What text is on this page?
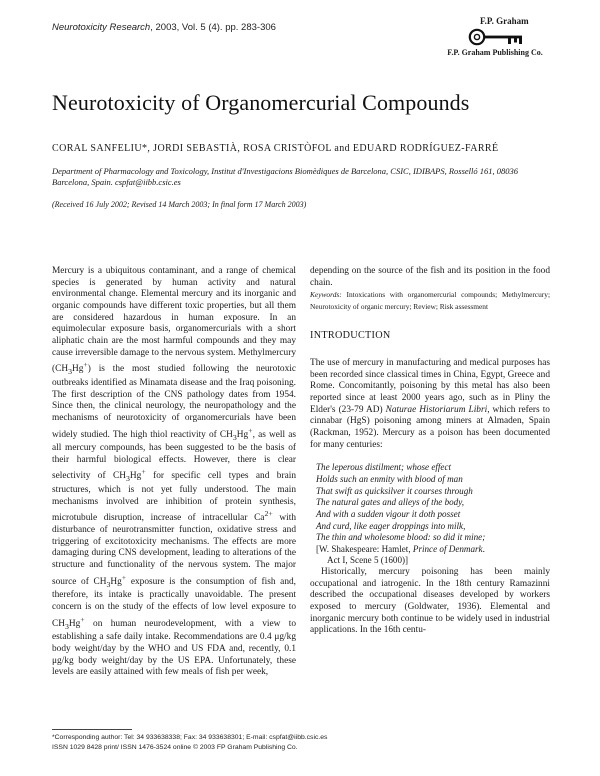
Neurotoxicity Research, 2003, Vol. 5 (4). pp. 283-306
F.P. Graham
F.P. Graham Publishing Co.
Neurotoxicity of Organomercurial Compounds
CORAL SANFELIU*, JORDI SEBASTIÀ, ROSA CRISTÒFOL and EDUARD RODRÍGUEZ-FARRÉ
Department of Pharmacology and Toxicology, Institut d'Investigacions Biomèdiques de Barcelona, CSIC, IDIBAPS, Rosselló 161, 08036 Barcelona, Spain. cspfat@iibb.csic.es
(Received 16 July 2002; Revised 14 March 2003; In final form 17 March 2003)

Mercury is a ubiquitous contaminant, and a range of chemical species is generated by human activity and natural environmental change. Elemental mercury and its inorganic and organic compounds have different toxic properties, but all them are considered hazardous in human exposure. In an equimolecular exposure basis, organomercurials with a short aliphatic chain are the most harmful compounds and they may cause irreversible damage to the nervous system. Methylmercury $(CH_3Hg^+)$ is the most studied following the neurotoxic outbreaks identified as Minamata disease and the Iraq poisoning. The first description of the CNS pathology dates from 1954. Since then, the clinical neurology, the neuropathology and the mechanisms of neurotoxicity of organomercurials have been widely studied. The high thiol reactivity of $CH_3Hg^+$, as well as all mercury compounds, has been suggested to be the basis of their harmful biological effects. However, there is clear selectivity of $CH_3Hg^+$ for specific cell types and brain structures, which is not yet fully understood. The main mechanisms involved are inhibition of protein synthesis, microtubule disruption, increase of intracellular $Ca^{2+}$ with disturbance of neurotransmitter function, oxidative stress and triggering of excitotoxicity mechanisms. The effects are more damaging during CNS development, leading to alterations of the structure and functionality of the nervous system. The major source of $CH_3Hg^+$ exposure is the consumption of fish and, therefore, its intake is practically unavoidable. The present concern is on the study of the effects of low level exposure to $CH_3Hg^+$ on human neurodevelopment, with a view to establishing a safe daily intake. Recommendations are 0.4 μg/kg body weight/day by the WHO and US FDA and, recently, 0.1 μg/kg body weight/day by the US EPA. Unfortunately, these levels are easily attained with few meals of fish per week,

depending on the source of the fish and its position in the food chain.

Keywords: Intoxications with organomercurial compounds; Methylmercury; Neurotoxicity of organic mercury; Review; Risk assessment

INTRODUCTION

The use of mercury in manufacturing and medical purposes has been recorded since classical times in China, Egypt, Greece and Rome. Concomitantly, poisoning by this metal has also been reported since at least 2000 years ago, such as in Pliny the Elder's (23-79 AD) Naturae Historiarum Libri, which refers to cinnabar (HgS) poisoning among miners at Almaden, Spain (Rackman, 1952). Mercury as a poison has been documented for many centuries:

The leperous distilment; whose effect
Holds such an enmity with blood of man
That swift as quicksilver it courses through
The natural gates and alleys of the body,
And with a sudden vigour it doth posset
And curd, like eager droppings into milk,
The thin and wholesome blood: so did it mine;
[W. Shakespeare: Hamlet, Prince of Denmark.
Act I, Scene 5 (1600)]

Historically, mercury poisoning has been mainly occupational and iatrogenic. In the 18th century Ramazinni described the occupational diseases developed by workers exposed to mercury (Goldwater, 1936). Elemental and inorganic mercury both continue to be widely used in industrial applications. In the 16th centu-

*Corresponding author: Tel: 34 933638338; Fax: 34 933638301; E-mail: cspfat@iibb.csic.es
ISSN 1029 8428 print/ ISSN 1476-3524 online © 2003 FP Graham Publishing Co.
